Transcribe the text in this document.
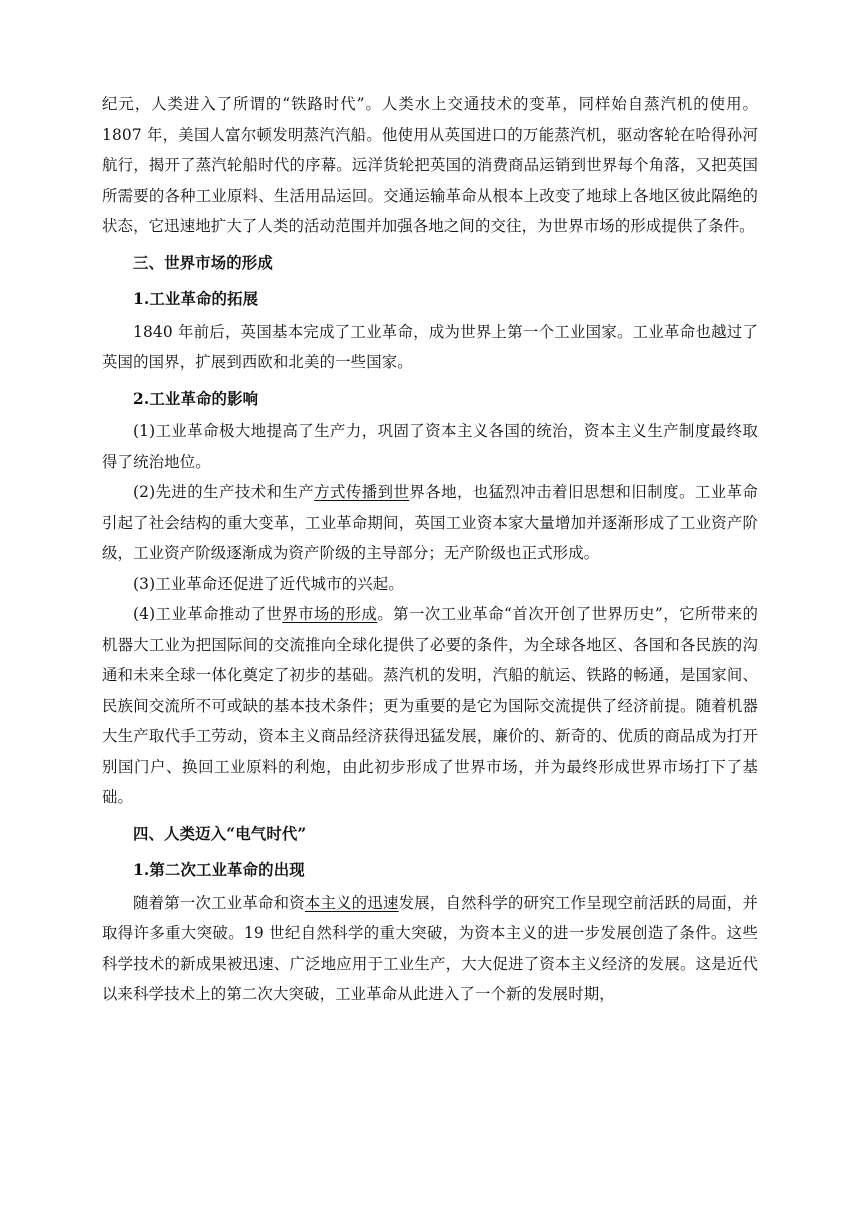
纪元，人类进入了所谓的“铁路时代”。人类水上交通技术的变革，同样始自蒸汽机的使用。1807 年，美国人富尔顿发明蒸汽汽船。他使用从英国进口的万能蒸汽机，驱动客轮在哈得孙河航行，揭开了蒸汽轮船时代的序幕。远洋货轮把英国的消费商品运销到世界每个角落，又把英国所需要的各种工业原料、生活用品运回。交通运输革命从根本上改变了地球上各地区彼此隔绝的状态，它迅速地扩大了人类的活动范围并加强各地之间的交往，为世界市场的形成提供了条件。

三、世界市场的形成

1.工业革命的拓展

1840 年前后，英国基本完成了工业革命，成为世界上第一个工业国家。工业革命也越过了英国的国界，扩展到西欧和北美的一些国家。

2.工业革命的影响

(1)工业革命极大地提高了生产力，巩固了资本主义各国的统治，资本主义生产制度最终取得了统治地位。

(2)先进的生产技术和生产方式传播到世界各地，也猛烈冲击着旧思想和旧制度。工业革命引起了社会结构的重大变革，工业革命期间，英国工业资本家大量增加并逐渐形成了工业资产阶级，工业资产阶级逐渐成为资产阶级的主导部分；无产阶级也正式形成。

(3)工业革命还促进了近代城市的兴起。

(4)工业革命推动了世界市场的形成。第一次工业革命“首次开创了世界历史”，它所带来的机器大工业为把国际间的交流推向全球化提供了必要的条件，为全球各地区、各国和各民族的沟通和未来全球一体化奠定了初步的基础。蒸汽机的发明，汽船的航运、铁路的畅通，是国家间、民族间交流所不可或缺的基本技术条件；更为重要的是它为国际交流提供了经济前提。随着机器大生产取代手工劳动，资本主义商品经济获得迅猛发展，廉价的、新奇的、优质的商品成为打开别国门户、换回工业原料的利炮，由此初步形成了世界市场，并为最终形成世界市场打下了基础。

四、人类迈入“电气时代”

1.第二次工业革命的出现

随着第一次工业革命和资本主义的迅速发展，自然科学的研究工作呈现空前活跃的局面，并取得许多重大突破。19 世纪自然科学的重大突破，为资本主义的进一步发展创造了条件。这些科学技术的新成果被迅速、广泛地应用于工业生产，大大促进了资本主义经济的发展。这是近代以来科学技术上的第二次大突破，工业革命从此进入了一个新的发展时期，
